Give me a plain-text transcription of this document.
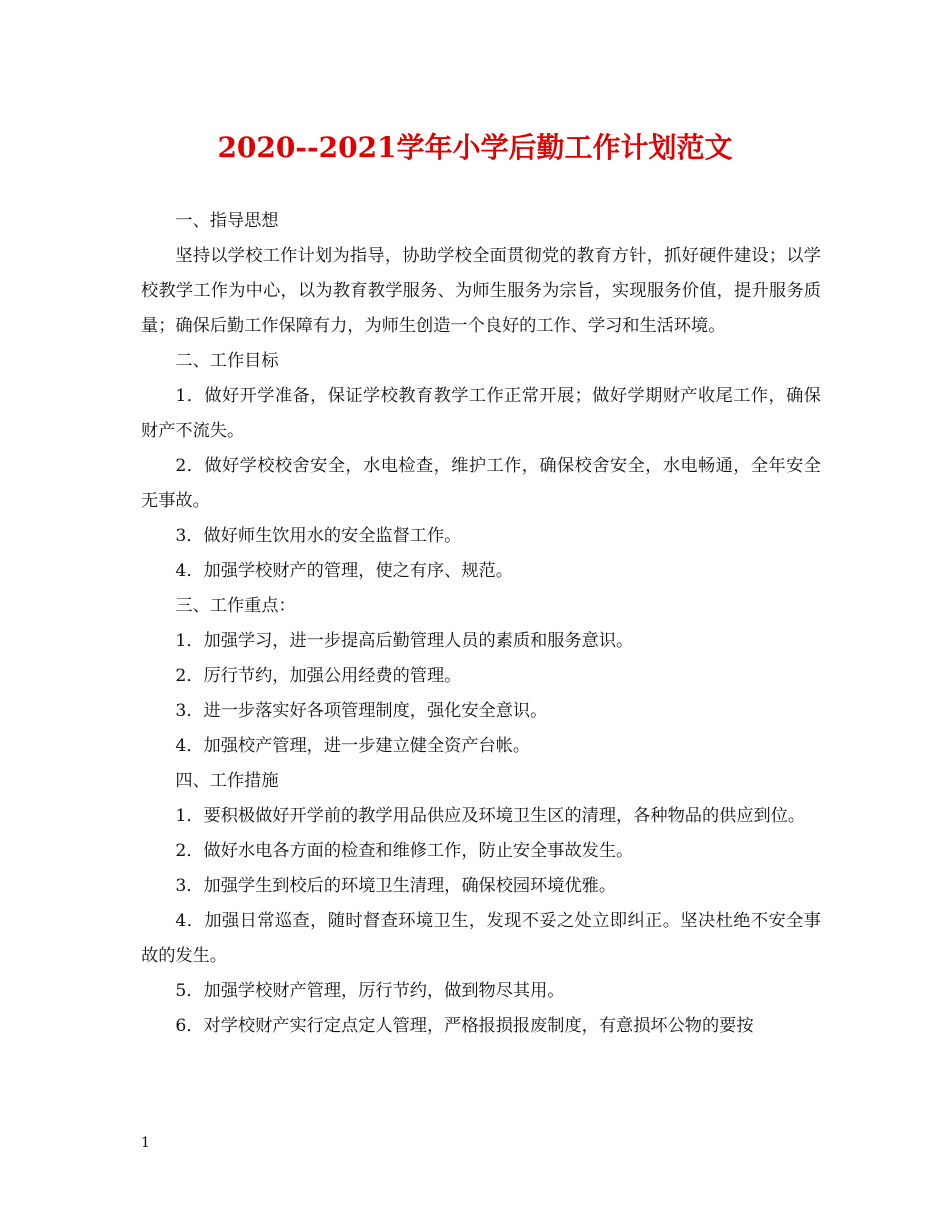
2020--2021学年小学后勤工作计划范文

一、指导思想

坚持以学校工作计划为指导，协助学校全面贯彻党的教育方针，抓好硬件建设；以学校教学工作为中心，以为教育教学服务、为师生服务为宗旨，实现服务价值，提升服务质量；确保后勤工作保障有力，为师生创造一个良好的工作、学习和生活环境。

二、工作目标

1．做好开学准备，保证学校教育教学工作正常开展；做好学期财产收尾工作，确保财产不流失。

2．做好学校校舍安全，水电检查，维护工作，确保校舍安全，水电畅通，全年安全无事故。

3．做好师生饮用水的安全监督工作。

4．加强学校财产的管理，使之有序、规范。

三、工作重点：

1．加强学习，进一步提高后勤管理人员的素质和服务意识。

2．厉行节约，加强公用经费的管理。

3．进一步落实好各项管理制度，强化安全意识。

4．加强校产管理，进一步建立健全资产台帐。

四、工作措施

1．要积极做好开学前的教学用品供应及环境卫生区的清理，各种物品的供应到位。

2．做好水电各方面的检查和维修工作，防止安全事故发生。

3．加强学生到校后的环境卫生清理，确保校园环境优雅。

4．加强日常巡查，随时督查环境卫生，发现不妥之处立即纠正。坚决杜绝不安全事故的发生。

5．加强学校财产管理，厉行节约，做到物尽其用。

6．对学校财产实行定点定人管理，严格报损报废制度，有意损坏公物的要按

1
